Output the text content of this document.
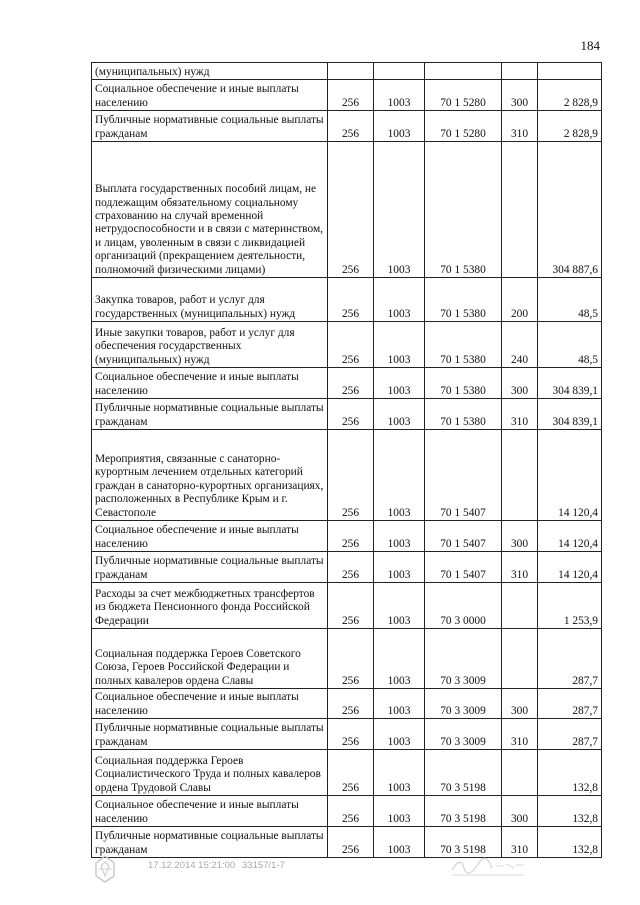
184
(муниципальных) нужд					
Социальное обеспечение и иные выплаты населению	256	1003	70 1 5280	300	2 828,9
Публичные нормативные социальные выплаты гражданам	256	1003	70 1 5280	310	2 828,9
Выплата государственных пособий лицам, не подлежащим обязательному социальному страхованию на случай временной нетрудоспособности и в связи с материнством, и лицам, уволенным в связи с ликвидацией организаций (прекращением деятельности, полномочий физическими лицами)	256	1003	70 1 5380		304 887,6
Закупка товаров, работ и услуг для государственных (муниципальных) нужд	256	1003	70 1 5380	200	48,5
Иные закупки товаров, работ и услуг для обеспечения государственных (муниципальных) нужд	256	1003	70 1 5380	240	48,5
Социальное обеспечение и иные выплаты населению	256	1003	70 1 5380	300	304 839,1
Публичные нормативные социальные выплаты гражданам	256	1003	70 1 5380	310	304 839,1
Мероприятия, связанные с санаторно-курортным лечением отдельных категорий граждан в санаторно-курортных организациях, расположенных в Республике Крым и г. Севастополе	256	1003	70 1 5407		14 120,4
Социальное обеспечение и иные выплаты населению	256	1003	70 1 5407	300	14 120,4
Публичные нормативные социальные выплаты гражданам	256	1003	70 1 5407	310	14 120,4
Расходы за счет межбюджетных трансфертов из бюджета Пенсионного фонда Российской Федерации	256	1003	70 3 0000		1 253,9
Социальная поддержка Героев Советского Союза, Героев Российской Федерации и полных кавалеров ордена Славы	256	1003	70 3 3009		287,7
Социальное обеспечение и иные выплаты населению	256	1003	70 3 3009	300	287,7
Публичные нормативные социальные выплаты гражданам	256	1003	70 3 3009	310	287,7
Социальная поддержка Героев Социалистического Труда и полных кавалеров ордена Трудовой Славы	256	1003	70 3 5198		132,8
Социальное обеспечение и иные выплаты населению	256	1003	70 3 5198	300	132,8
Публичные нормативные социальные выплаты гражданам	256	1003	70 3 5198	310	132,8
17.12.2014 15:21:00 33157/1-7
